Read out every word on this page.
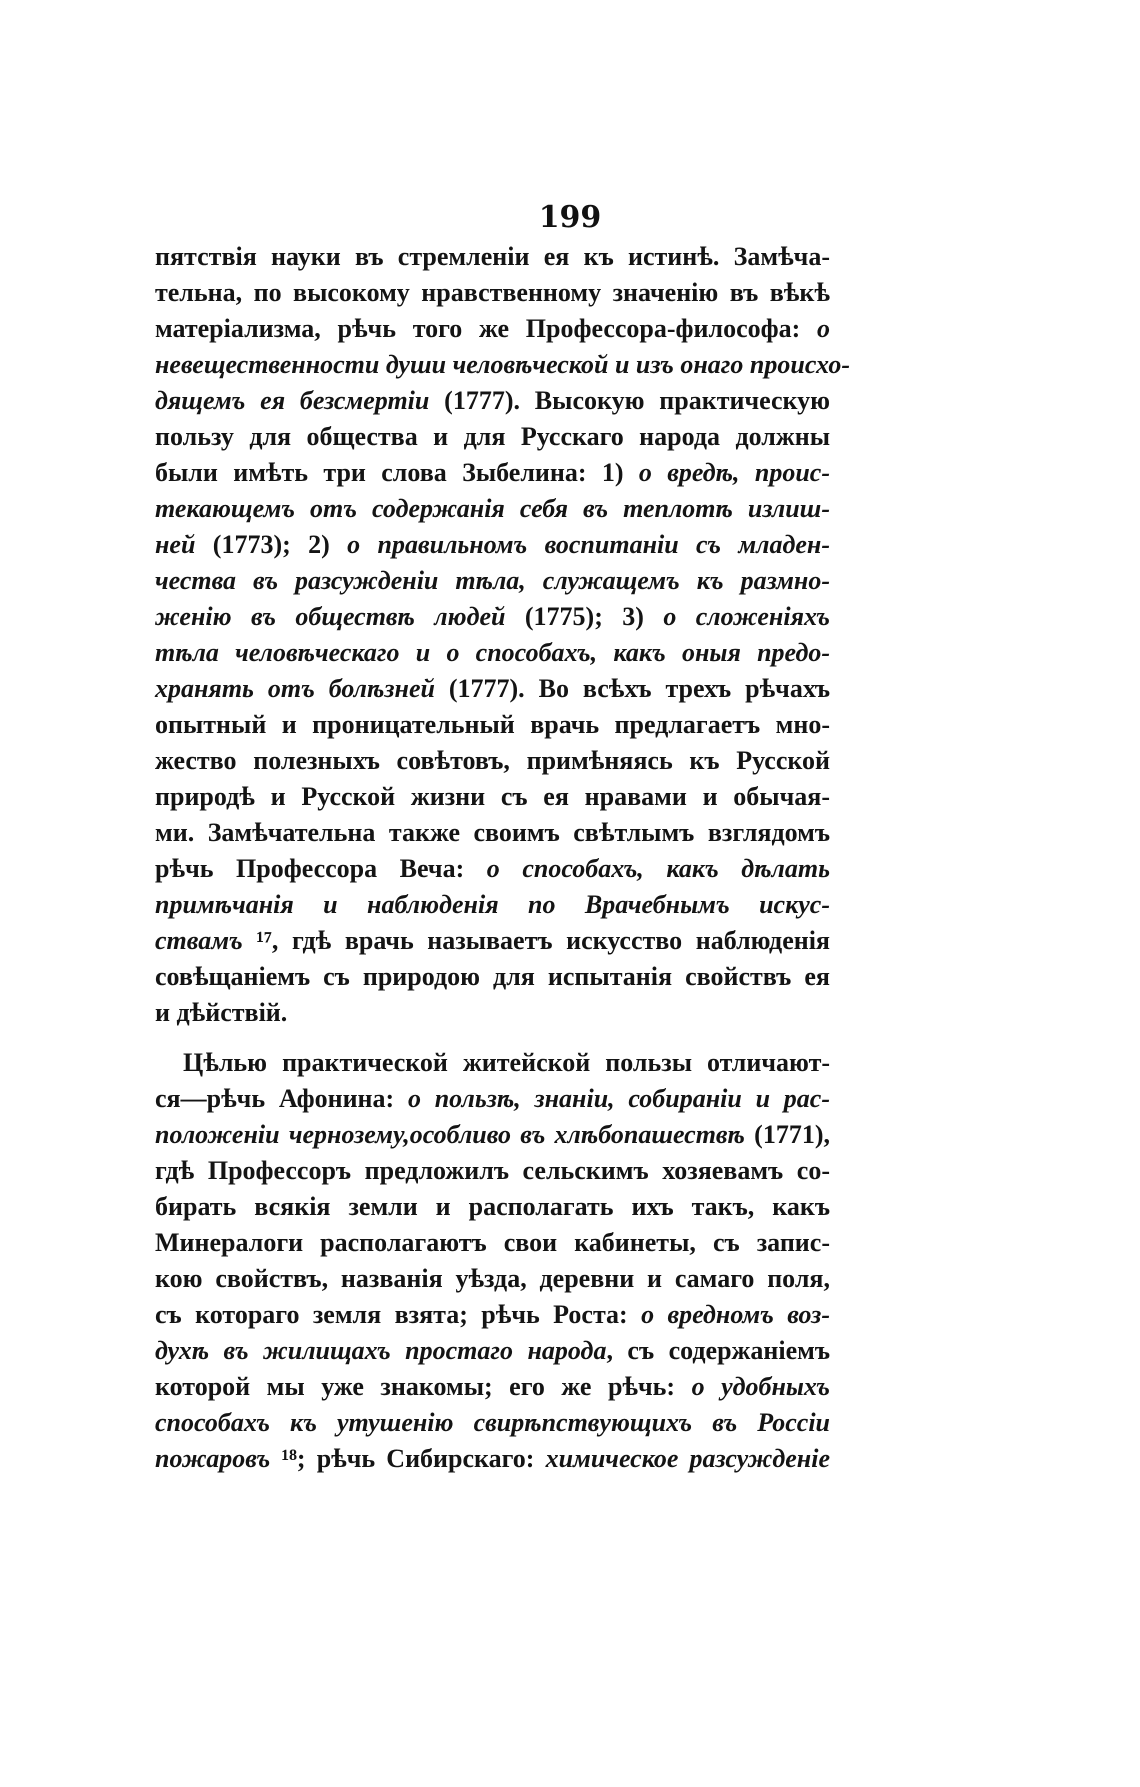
199
пятствія науки въ стремленіи ея къ истинѣ. Замѣча-
тельна, по высокому нравственному значенію въ вѣкѣ
матеріализма, рѣчь того же Профессора-философа: о
невещественности души человѣческой и изъ онаго происхо-
дящемъ ея безсмертіи (1777). Высокую практическую
пользу для общества и для Русскаго народа должны
были имѣть три слова Зыбелина: 1) о вредѣ, проис-
текающемъ отъ содержанія себя въ теплотѣ излиш-
ней (1773); 2) о правильномъ воспитаніи съ младен-
чества въ разсужденіи тѣла, служащемъ къ размно-
женію въ обществѣ людей (1775); 3) о сложеніяхъ
тѣла человѣческаго и о способахъ, какъ оныя предо-
хранять отъ болѣзней (1777). Во всѣхъ трехъ рѣчахъ
опытный и проницательный врачь предлагаетъ мно-
жество полезныхъ совѣтовъ, примѣняясь къ Русской
природѣ и Русской жизни съ ея нравами и обычая-
ми. Замѣчательна также своимъ свѣтлымъ взглядомъ
рѣчь Профессора Веча: о способахъ, какъ дѣлать
примѣчанія и наблюденія по Врачебнымъ искус-
ствамъ ¹⁷, гдѣ врачь называетъ искусство наблюденія
совѣщаніемъ съ природою для испытанія свойствъ ея
и дѣйствій.
Цѣлью практической житейской пользы отличают-
ся—рѣчь Афонина: о пользѣ, знаніи, собираніи и рас-
положеніи чернозему,особливо въ хлѣбопашествѣ (1771),
гдѣ Профессоръ предложилъ сельскимъ хозяевамъ со-
бирать всякія земли и располагать ихъ такъ, какъ
Минералоги располагаютъ свои кабинеты, съ запис-
кою свойствъ, названія уѣзда, деревни и самаго поля,
съ котораго земля взята; рѣчь Роста: о вредномъ воз-
духѣ въ жилищахъ простаго народа, съ содержаніемъ
которой мы уже знакомы; его же рѣчь: о удобныхъ
способахъ къ утушенію свирѣпствующихъ въ Россіи
пожаровъ ¹⁸; рѣчь Сибирскаго: химическое разсужденіе
